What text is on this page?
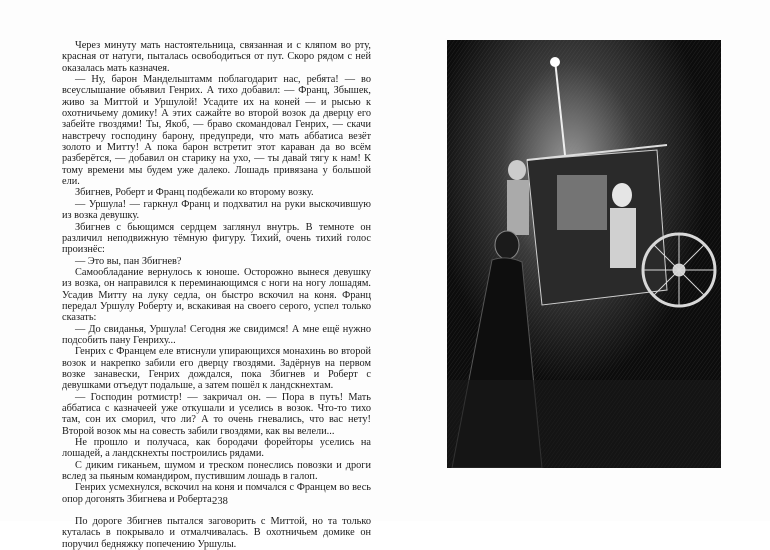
Через минуту мать настоятельница, связанная и с кляпом во рту, красная от натуги, пыталась освободиться от пут. Скоро рядом с ней оказалась мать казначея.

— Ну, барон Мандельштамм поблагодарит нас, ребята! — во всеуслышание объявил Генрих. А тихо добавил: — Франц, Збышек, живо за Миттой и Уршулой! Усадите их на коней — и рысью к охотничьему домику! А этих сажайте во второй возок да дверцу его забейте гвоздями! Ты, Якоб, — браво скомандовал Генрих, — скачи навстречу господину барону, предупреди, что мать аббатиса везёт золото и Митту! А пока барон встретит этот караван да во всём разберётся, — добавил он старику на ухо, — ты давай тягу к нам! К тому времени мы будем уже далеко. Лошадь привязана у большой ели.

Збигнев, Роберт и Франц подбежали ко второму возку.

— Уршула! — гаркнул Франц и подхватил на руки выскочившую из возка девушку.

Збигнев с бьющимся сердцем заглянул внутрь. В темноте он различил неподвижную тёмную фигуру. Тихий, очень тихий голос произнёс:

— Это вы, пан Збигнев?

Самообладание вернулось к юноше. Осторожно вынеся девушку из возка, он направился к переминающимся с ноги на ногу лошадям. Усадив Митту на луку седла, он быстро вскочил на коня. Франц передал Уршулу Роберту и, вскакивая на своего серого, успел только сказать:

— До свиданья, Уршула! Сегодня же свидимся! А мне ещё нужно подсобить пану Генриху...

Генрих с Францем еле втиснули упирающихся монахинь во второй возок и накрепко забили его дверцу гвоздями. Задёрнув на первом возке занавески, Генрих дождался, пока Збигнев и Роберт с девушками отъедут подальше, а затем пошёл к ландскнехтам.

— Господин ротмистр! — закричал он. — Пора в путь! Мать аббатиса с казначеей уже откушали и уселись в возок. Что-то тихо там, сон их сморил, что ли? А то очень гневались, что вас нету! Второй возок мы на совесть забили гвоздями, как вы велели...

Не прошло и получаса, как бородачи форейторы уселись на лошадей, а ландскнехты построились рядами.

С диким гиканьем, шумом и треском понеслись повозки и дроги вслед за пьяным командиром, пустившим лошадь в галоп.

Генрих усмехнулся, вскочил на коня и помчался с Францем во весь опор догонять Збигнева и Роберта.

По дороге Збигнев пытался заговорить с Миттой, но та только куталась в покрывало и отмалчивалась. В охотничьем домике он поручил бедняжку попечению Уршулы.

238
